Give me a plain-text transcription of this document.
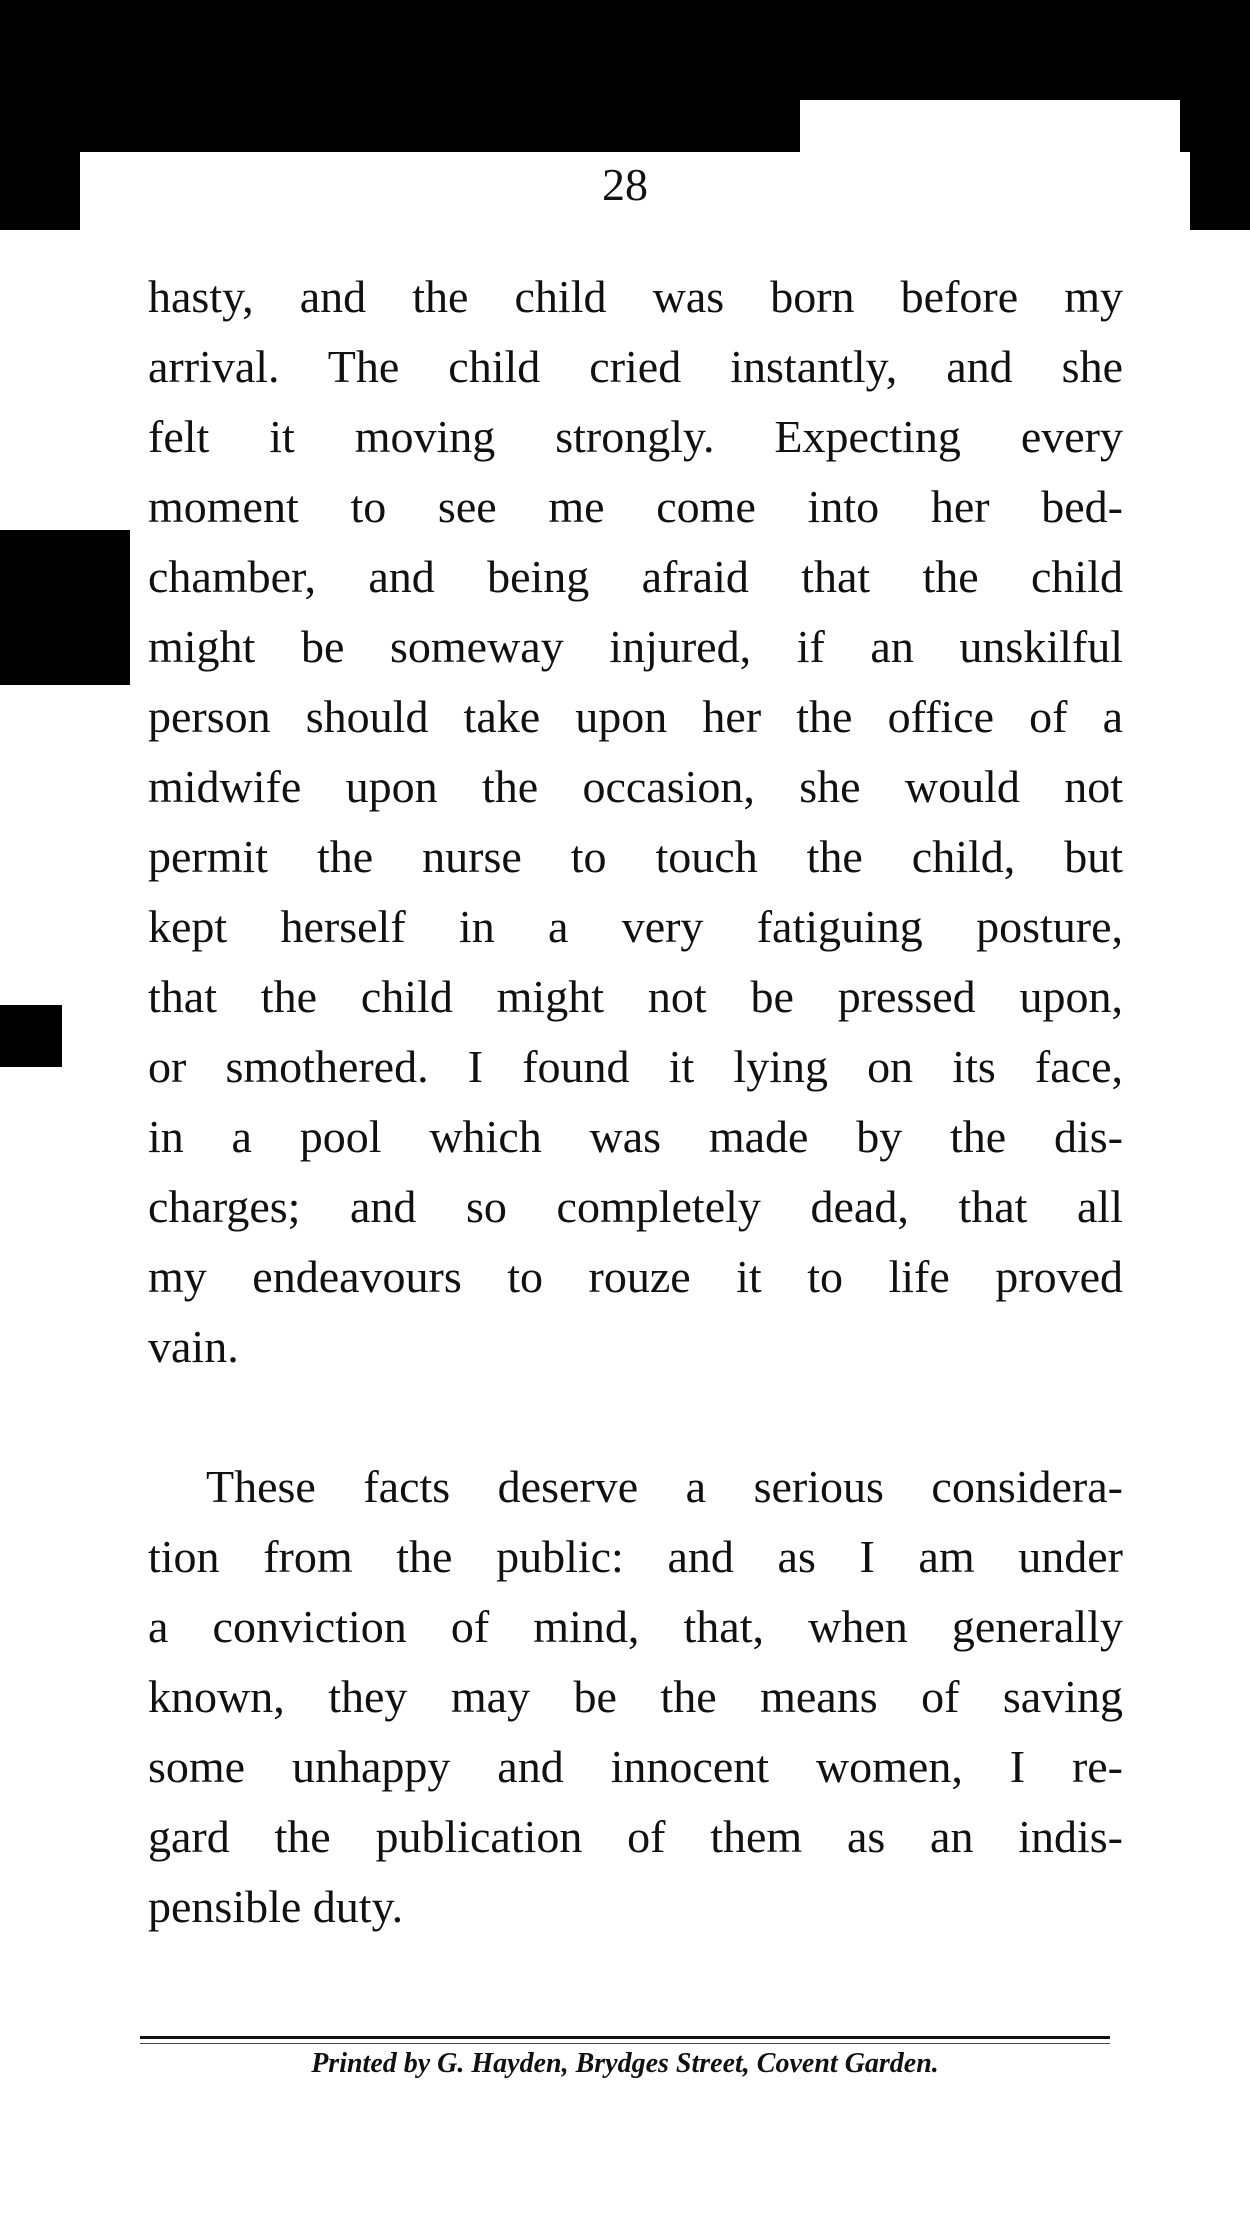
28
hasty, and the child was born before my
arrival. The child cried instantly, and she
felt it moving strongly. Expecting every
moment to see me come into her bed-
chamber, and being afraid that the child
might be someway injured, if an unskilful
person should take upon her the office of a
midwife upon the occasion, she would not
permit the nurse to touch the child, but
kept herself in a very fatiguing posture,
that the child might not be pressed upon,
or smothered. I found it lying on its face,
in a pool which was made by the dis-
charges; and so completely dead, that all
my endeavours to rouze it to life proved
vain.
These facts deserve a serious considera-
tion from the public: and as I am under
a conviction of mind, that, when generally
known, they may be the means of saving
some unhappy and innocent women, I re-
gard the publication of them as an indis-
pensible duty.
Printed by G. Hayden, Brydges Street, Covent Garden.
